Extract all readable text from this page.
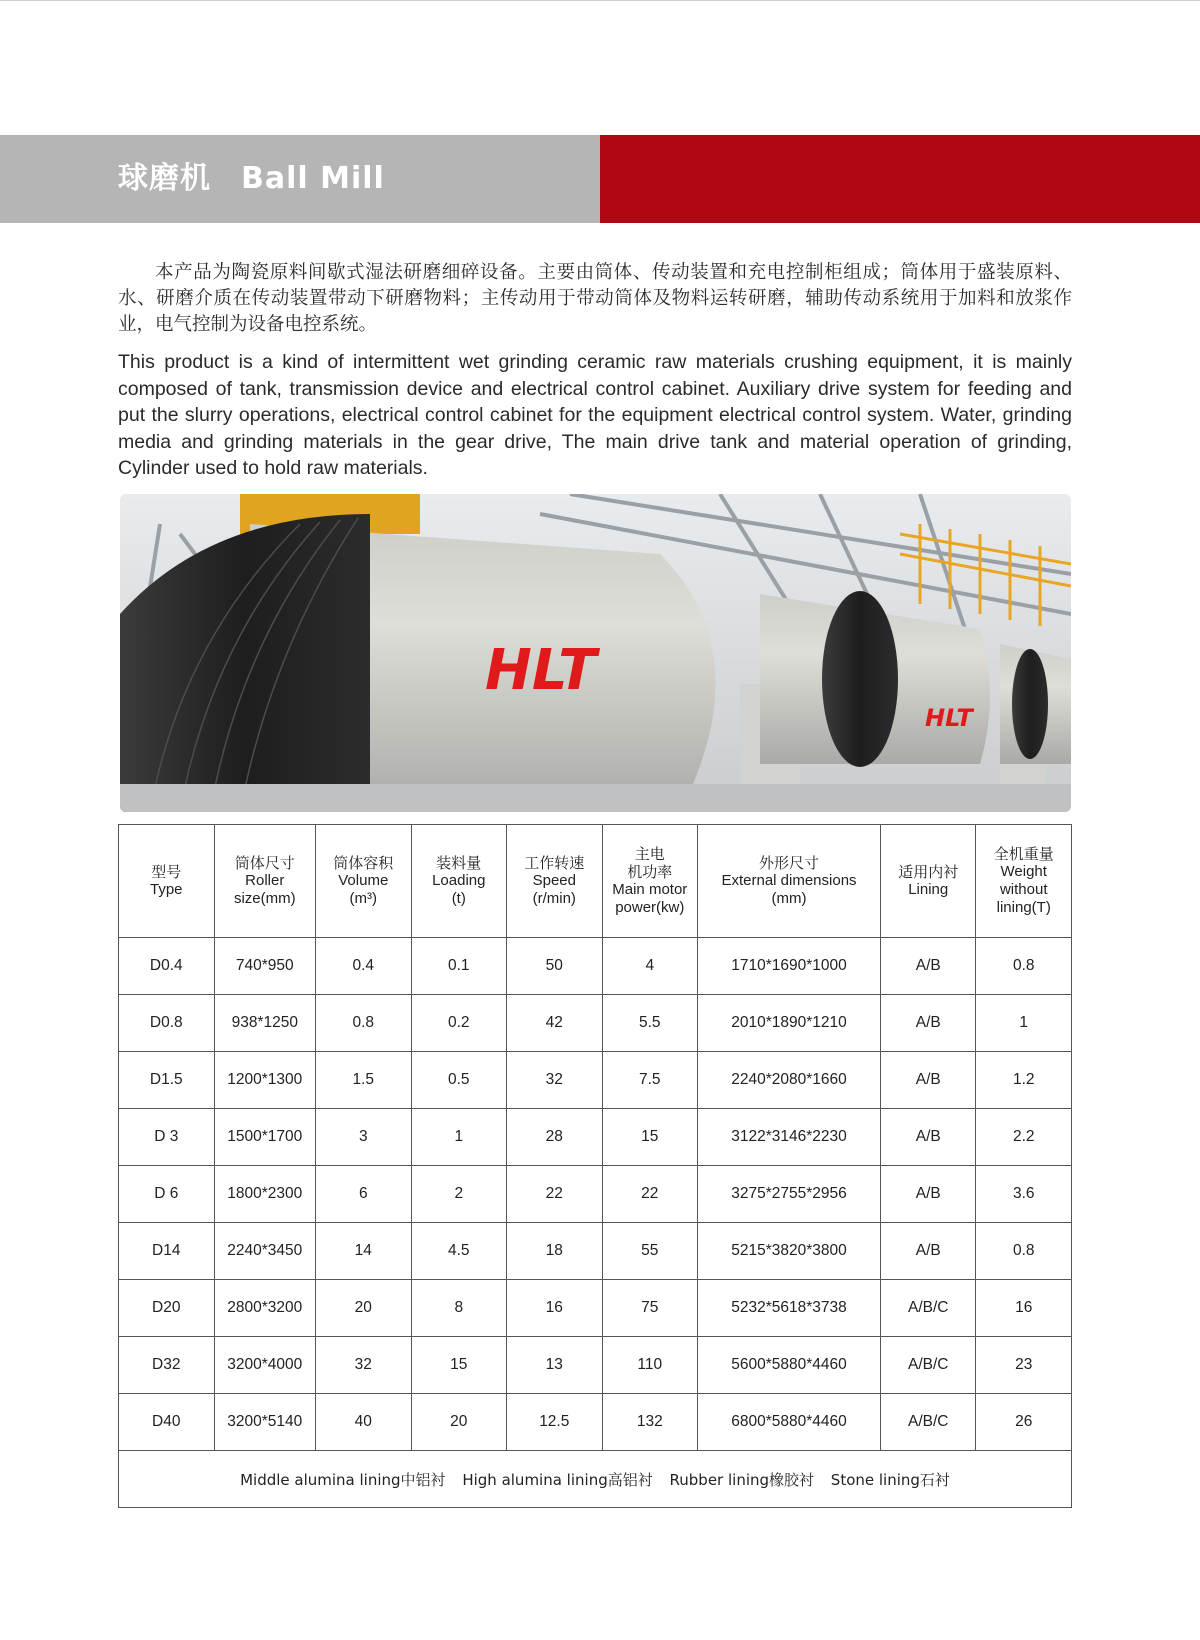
球磨机 Ball Mill

本产品为陶瓷原料间歇式湿法研磨细碎设备。主要由筒体、传动装置和充电控制柜组成；筒体用于盛装原料、水、研磨介质在传动装置带动下研磨物料；主传动用于带动筒体及物料运转研磨，辅助传动系统用于加料和放浆作业，电气控制为设备电控系统。

This product is a kind of intermittent wet grinding ceramic raw materials crushing equipment, it is mainly composed of tank, transmission device and electrical control cabinet. Auxiliary drive system for feeding and put the slurry operations, electrical control cabinet for the equipment electrical control system. Water, grinding media and grinding materials in the gear drive, The main drive tank and material operation of grinding, Cylinder used to hold raw materials.

HLT
HLT
型号
Type	筒体尺寸
Roller
size(mm)	筒体容积
Volume
(m³)	装料量
Loading
(t)	工作转速
Speed
(r/min)	主电
机功率
Main motor
power(kw)	外形尺寸
External dimensions
(mm)	适用内衬
Lining	全机重量
Weight
without
lining(T)

D0.4	740*950	0.4	0.1	50	4	1710*1690*1000	A/B	0.8
D0.8	938*1250	0.8	0.2	42	5.5	2010*1890*1210	A/B	1
D1.5	1200*1300	1.5	0.5	32	7.5	2240*2080*1660	A/B	1.2
D 3	1500*1700	3	1	28	15	3122*3146*2230	A/B	2.2
D 6	1800*2300	6	2	22	22	3275*2755*2956	A/B	3.6
D14	2240*3450	14	4.5	18	55	5215*3820*3800	A/B	0.8
D20	2800*3200	20	8	16	75	5232*5618*3738	A/B/C	16
D32	3200*4000	32	15	13	110	5600*5880*4460	A/B/C	23
D40	3200*5140	40	20	12.5	132	6800*5880*4460	A/B/C	26
Middle alumina lining中铝衬 High alumina lining高铝衬 Rubber lining橡胶衬 Stone lining石衬								
